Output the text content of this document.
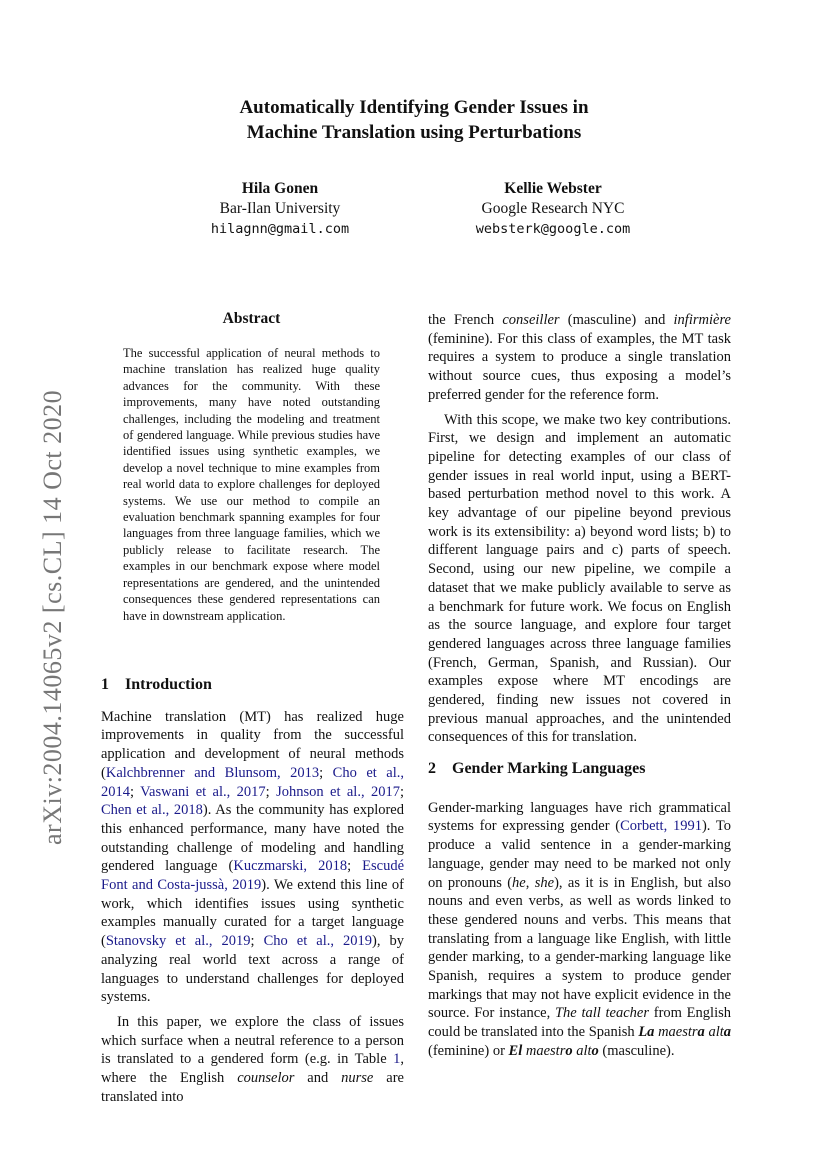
arXiv:2004.14065v2 [cs.CL] 14 Oct 2020
Automatically Identifying Gender Issues in
Machine Translation using Perturbations
Hila Gonen
Bar-Ilan University
hilagnn@gmail.com
Kellie Webster
Google Research NYC
websterk@google.com
Abstract
The successful application of neural methods to machine translation has realized huge quality advances for the community. With these improvements, many have noted outstanding challenges, including the modeling and treatment of gendered language. While previous studies have identified issues using synthetic examples, we develop a novel technique to mine examples from real world data to explore challenges for deployed systems. We use our method to compile an evaluation benchmark spanning examples for four languages from three language families, which we publicly release to facilitate research. The examples in our benchmark expose where model representations are gendered, and the unintended consequences these gendered representations can have in downstream application.
1 Introduction

Machine translation (MT) has realized huge improvements in quality from the successful application and development of neural methods (Kalchbrenner and Blunsom, 2013; Cho et al., 2014; Vaswani et al., 2017; Johnson et al., 2017; Chen et al., 2018). As the community has explored this enhanced performance, many have noted the outstanding challenge of modeling and handling gendered language (Kuczmarski, 2018; Escudé Font and Costa-jussà, 2019). We extend this line of work, which identifies issues using synthetic examples manually curated for a target language (Stanovsky et al., 2019; Cho et al., 2019), by analyzing real world text across a range of languages to understand challenges for deployed systems.

In this paper, we explore the class of issues which surface when a neutral reference to a person is translated to a gendered form (e.g. in Table 1, where the English counselor and nurse are translated into

the French conseiller (masculine) and infirmière (feminine). For this class of examples, the MT task requires a system to produce a single translation without source cues, thus exposing a model’s preferred gender for the reference form.

With this scope, we make two key contributions. First, we design and implement an automatic pipeline for detecting examples of our class of gender issues in real world input, using a BERT-based perturbation method novel to this work. A key advantage of our pipeline beyond previous work is its extensibility: a) beyond word lists; b) to different language pairs and c) parts of speech. Second, using our new pipeline, we compile a dataset that we make publicly available to serve as a benchmark for future work. We focus on English as the source language, and explore four target gendered languages across three language families (French, German, Spanish, and Russian). Our examples expose where MT encodings are gendered, finding new issues not covered in previous manual approaches, and the unintended consequences of this for translation.

2 Gender Marking Languages

Gender-marking languages have rich grammatical systems for expressing gender (Corbett, 1991). To produce a valid sentence in a gender-marking language, gender may need to be marked not only on pronouns (he, she), as it is in English, but also nouns and even verbs, as well as words linked to these gendered nouns and verbs. This means that translating from a language like English, with little gender marking, to a gender-marking language like Spanish, requires a system to produce gender markings that may not have explicit evidence in the source. For instance, The tall teacher from English could be translated into the Spanish La maestra alta (feminine) or El maestro alto (masculine).
